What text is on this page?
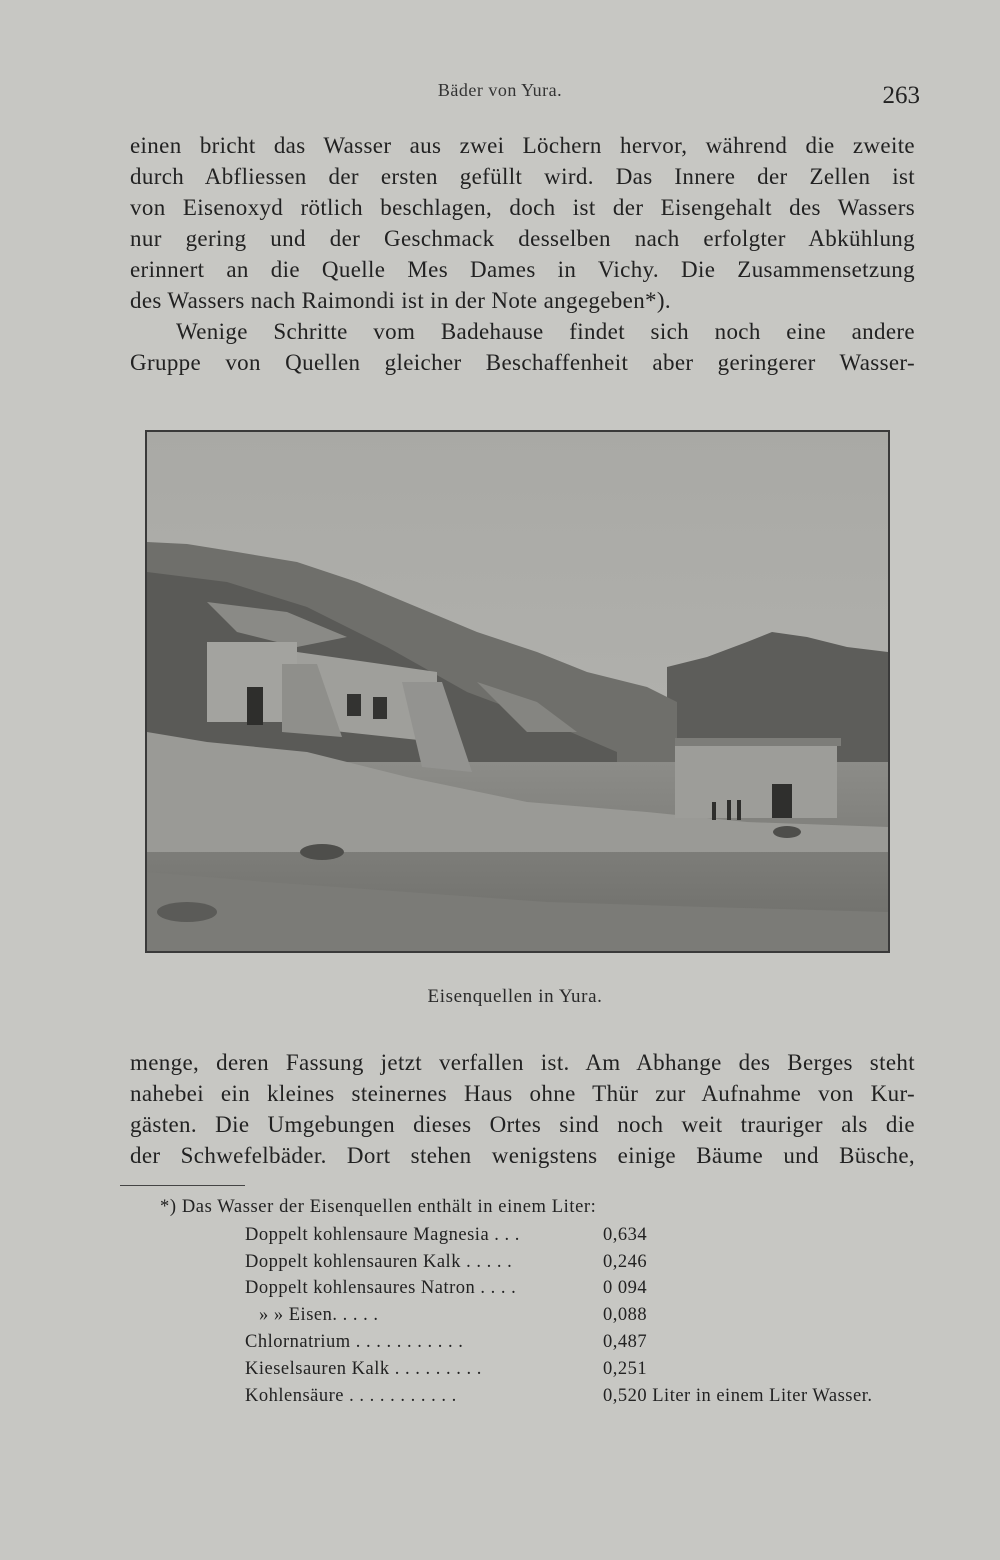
Bäder von Yura.	263

einen bricht das Wasser aus zwei Löchern hervor, während die zweite
durch Abfliessen der ersten gefüllt wird. Das Innere der Zellen ist
von Eisenoxyd rötlich beschlagen, doch ist der Eisengehalt des Wassers
nur gering und der Geschmack desselben nach erfolgter Abkühlung
erinnert an die Quelle Mes Dames in Vichy. Die Zusammensetzung
des Wassers nach Raimondi ist in der Note angegeben*).
Wenige Schritte vom Badehause findet sich noch eine andere
Gruppe von Quellen gleicher Beschaffenheit aber geringerer Wasser-

Eisenquellen in Yura.

menge, deren Fassung jetzt verfallen ist. Am Abhange des Berges steht
nahebei ein kleines steinernes Haus ohne Thür zur Aufnahme von Kur-
gästen. Die Umgebungen dieses Ortes sind noch weit trauriger als die
der Schwefelbäder. Dort stehen wenigstens einige Bäume und Büsche,

*) Das Wasser der Eisenquellen enthält in einem Liter:

Doppelt kohlensaure Magnesia . . .	0,634
Doppelt kohlensauren Kalk . . . . .	0,246
Doppelt kohlensaures Natron . . . .	0 094
» » Eisen. . . . .	0,088
Chlornatrium . . . . . . . . . . .	0,487
Kieselsauren Kalk . . . . . . . . .	0,251
Kohlensäure . . . . . . . . . . .	0,520 Liter in einem Liter Wasser.
